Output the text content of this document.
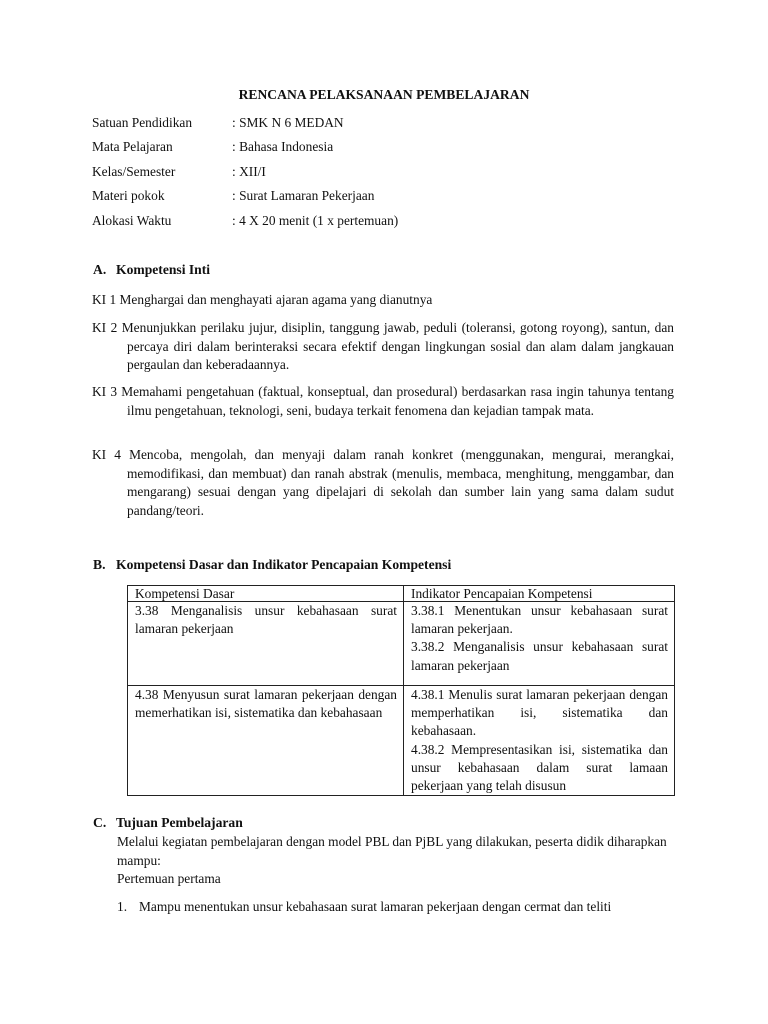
RENCANA PELAKSANAAN PEMBELAJARAN
Satuan Pendidikan	: SMK N 6 MEDAN
Mata Pelajaran	: Bahasa Indonesia
Kelas/Semester	: XII/I
Materi pokok	: Surat Lamaran Pekerjaan
Alokasi Waktu	: 4 X 20 menit (1 x pertemuan)
A. Kompetensi Inti
KI 1 Menghargai dan menghayati ajaran agama yang dianutnya
KI 2 Menunjukkan perilaku jujur, disiplin, tanggung jawab, peduli (toleransi, gotong royong), santun, dan percaya diri dalam berinteraksi secara efektif dengan lingkungan sosial dan alam dalam jangkauan pergaulan dan keberadaannya.
KI 3 Memahami pengetahuan (faktual, konseptual, dan prosedural) berdasarkan rasa ingin tahunya tentang ilmu pengetahuan, teknologi, seni, budaya terkait fenomena dan kejadian tampak mata.
KI 4 Mencoba, mengolah, dan menyaji dalam ranah konkret (menggunakan, mengurai, merangkai, memodifikasi, dan membuat) dan ranah abstrak (menulis, membaca, menghitung, menggambar, dan mengarang) sesuai dengan yang dipelajari di sekolah dan sumber lain yang sama dalam sudut pandang/teori.
B. Kompetensi Dasar dan Indikator Pencapaian Kompetensi
Kompetensi Dasar	Indikator Pencapaian Kompetensi
3.38 Menganalisis unsur kebahasaan surat lamaran pekerjaan	3.38.1 Menentukan unsur kebahasaan surat lamaran pekerjaan.
3.38.2 Menganalisis unsur kebahasaan surat lamaran pekerjaan

4.38 Menyusun surat lamaran pekerjaan dengan memerhatikan isi, sistematika dan kebahasaan	4.38.1 Menulis surat lamaran pekerjaan dengan memperhatikan isi, sistematika dan kebahasaan.
4.38.2 Mempresentasikan isi, sistematika dan unsur kebahasaan dalam surat lamaan pekerjaan yang telah disusun
C. Tujuan Pembelajaran
Melalui kegiatan pembelajaran dengan model PBL dan PjBL yang dilakukan, peserta didik diharapkan mampu:
Pertemuan pertama
1. Mampu menentukan unsur kebahasaan surat lamaran pekerjaan dengan cermat dan teliti
